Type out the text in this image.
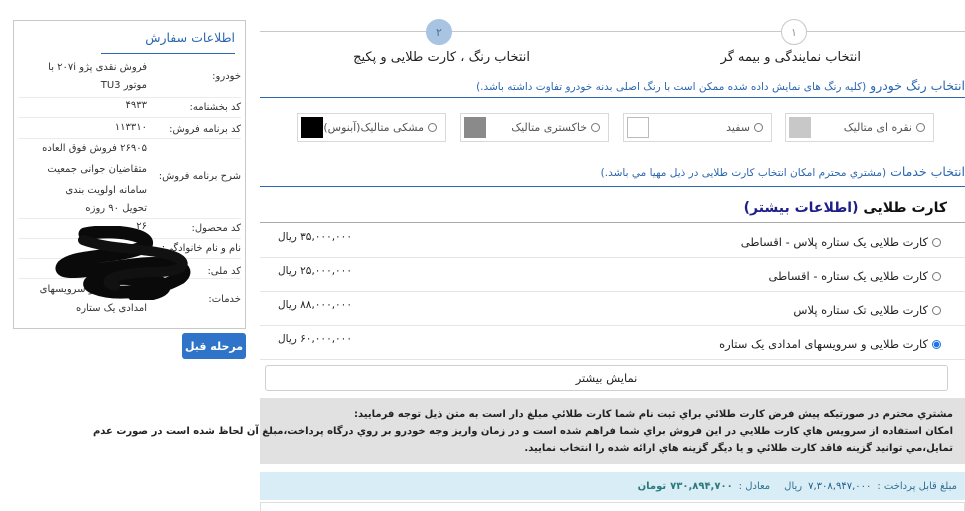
۱
۲
انتخاب نمایندگی و بیمه گر
انتخاب رنگ ، کارت طلایی و پکیج
انتخاب رنگ خودرو (کلیه رنگ های نمایش داده شده ممکن است با رنگ اصلی بدنه خودرو تفاوت داشته باشد.)
نقره ای متالیک
سفید
خاکستری متالیک
مشکی متالیک(آبنوس)
انتخاب خدمات (مشتري محترم امکان انتخاب کارت طلایی در ذيل مهيا مي باشد.)
کارت طلایی (اطلاعات بیشتر)
کارت طلایی یک ستاره پلاس - اقساطی
۳۵,۰۰۰,۰۰۰ ریال
کارت طلایی یک ستاره - اقساطی
۲۵,۰۰۰,۰۰۰ ریال
کارت طلایی تک ستاره پلاس
۸۸,۰۰۰,۰۰۰ ریال
کارت طلایی و سرویسهای امدادی یک ستاره
۶۰,۰۰۰,۰۰۰ ریال
نمایش بیشتر

مشتري محترم در صورتيکه پيش فرض کارت طلائي براي ثبت نام شما کارت طلائي مبلغ دار است به متن ذيل توجه فرماييد:

امکان استفاده از سرويس هاي کارت طلايي در اين فروش براي شما فراهم شده است و در زمان واريز وجه خودرو بر روي درگاه پرداخت،مبلغ آن لحاظ شده است در صورت عدم

تمايل،مي توانيد گزينه فاقد کارت طلائي و يا ديگر گزينه هاي ارائه شده را انتخاب نماييد.

مبلغ قابل پرداخت :
۷,۳۰۸,۹۴۷,۰۰۰
ریال
معادل :
۷۳۰,۸۹۴,۷۰۰
تومان
اطلاعات سفارش
خودرو:
فروش نقدی پژو ۲۰۷i با
موتور TU3
کد بخشنامه:
۴۹۳۳
کد برنامه فروش:
۱۱۳۳۱۰
شرح برنامه فروش:
۲۶۹۰۵ فروش فوق العاده
متقاضیان جوانی جمعیت
سامانه اولویت بندی
تحویل ۹۰ روزه
کد محصول:
۲۶
نام و نام خانوادگی:
کد ملی:
خدمات:
کارت طلایی و سرویسهای
امدادی یک ستاره
مرحله قبل
